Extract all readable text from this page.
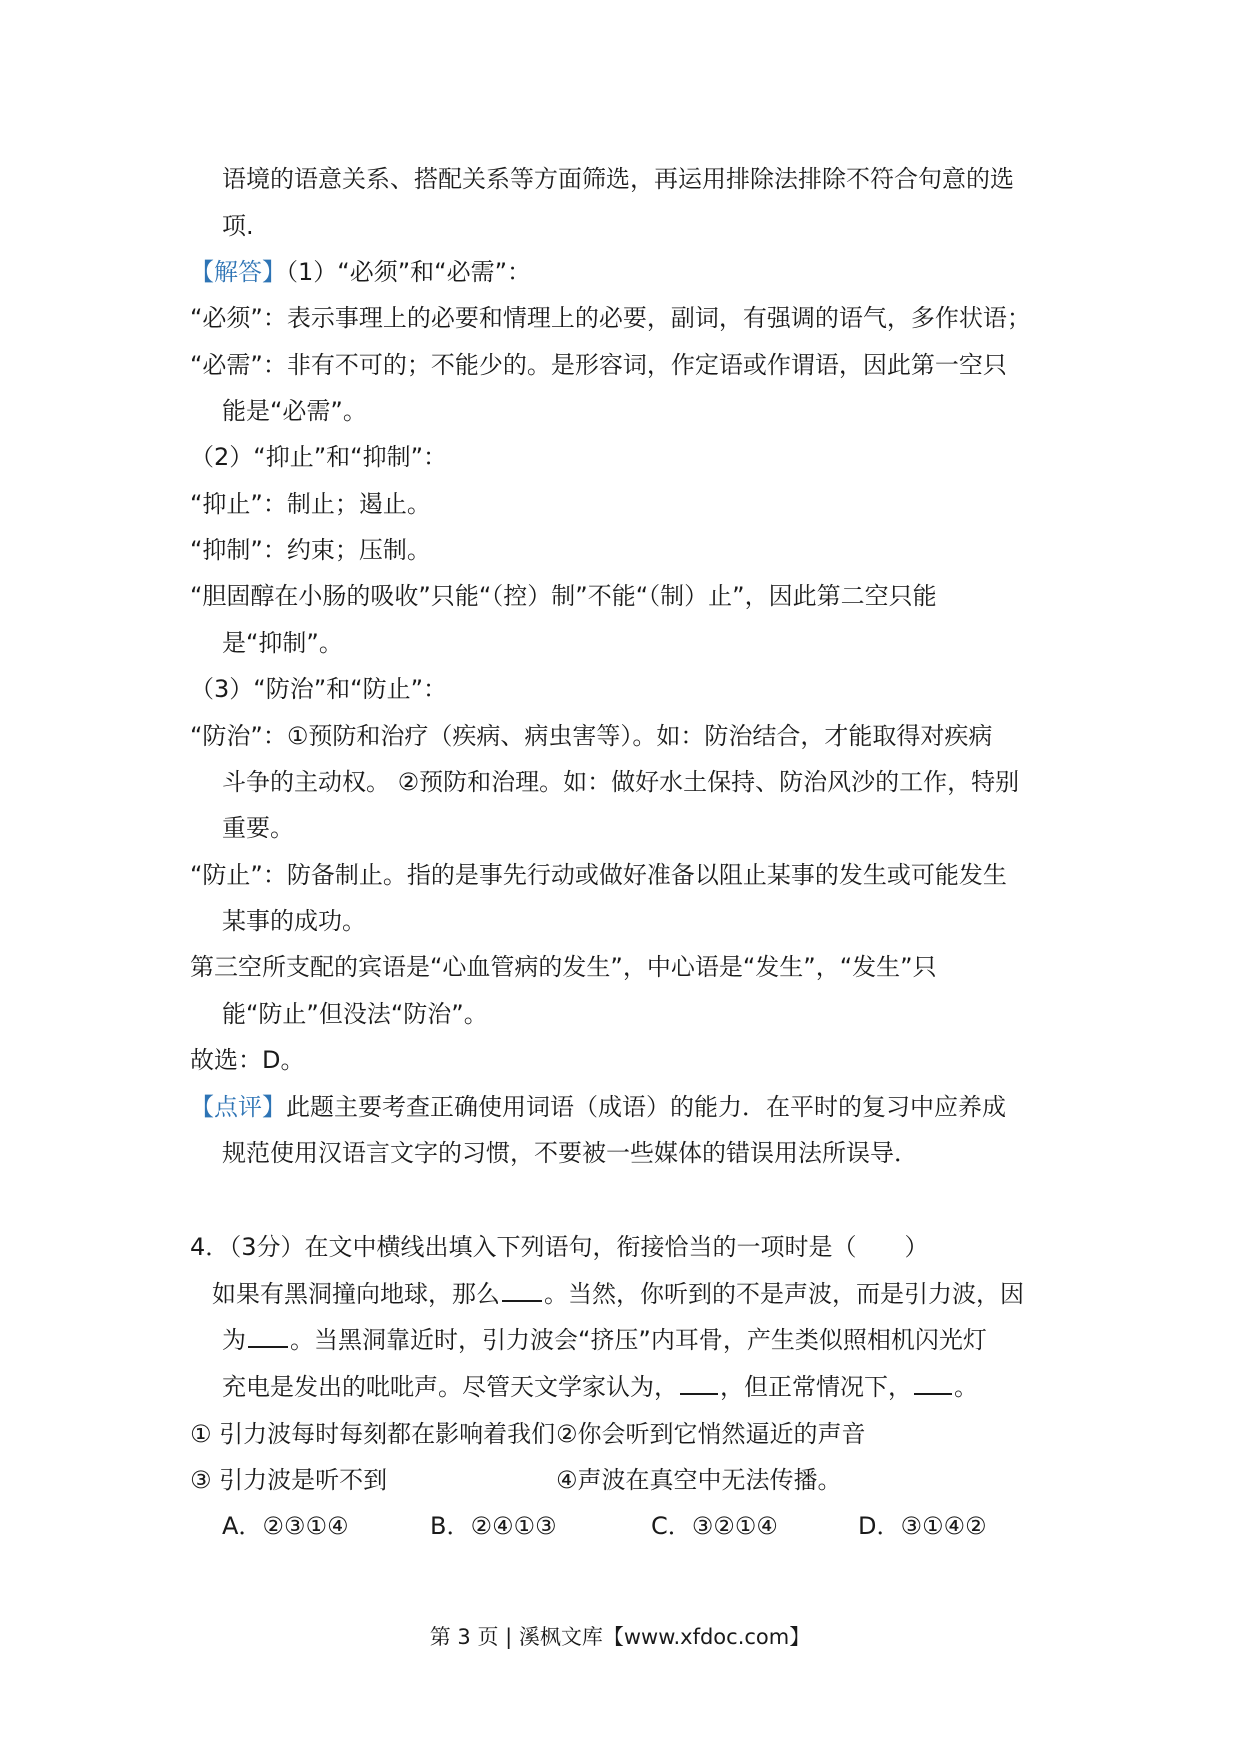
语境的语意关系、搭配关系等方面筛选，再运用排除法排除不符合句意的选
项.
【解答】（1）“必须”和“必需”：
“必须”：表示事理上的必要和情理上的必要，副词，有强调的语气，多作状语；
“必需”：非有不可的；不能少的。是形容词，作定语或作谓语，因此第一空只
能是“必需”。
（2）“抑止”和“抑制”：
“抑止”：制止；遏止。
“抑制”：约束；压制。
“胆固醇在小肠的吸收”只能“（控）制”不能“（制）止”，因此第二空只能
是“抑制”。
（3）“防治”和“防止”：
“防治”：①预防和治疗（疾病、病虫害等）。如：防治结合，才能取得对疾病
斗争的主动权。 ②预防和治理。如：做好水土保持、防治风沙的工作，特别
重要。
“防止”：防备制止。指的是事先行动或做好准备以阻止某事的发生或可能发生
某事的成功。
第三空所支配的宾语是“心血管病的发生”，中心语是“发生”，“发生”只
能“防止”但没法“防治”。
故选：D。
【点评】此题主要考查正确使用词语（成语）的能力．在平时的复习中应养成
规范使用汉语言文字的习惯，不要被一些媒体的错误用法所误导．
4．（3分）在文中横线出填入下列语句，衔接恰当的一项时是（　　）
如果有黑洞撞向地球，那么 。当然，你听到的不是声波，而是引力波，因
为 。当黑洞靠近时，引力波会“挤压”内耳骨，产生类似照相机闪光灯
充电是发出的吡吡声。尽管天文学家认为， ，但正常情况下， 。
① 引力波每时每刻都在影响着我们 ②你会听到它悄然逼近的声音
③ 引力波是听不到	④声波在真空中无法传播。
A．②③①④	B．②④①③	C．③②①④	D．③①④②
第 3 页 | 溪枫文库【www.xfdoc.com】
